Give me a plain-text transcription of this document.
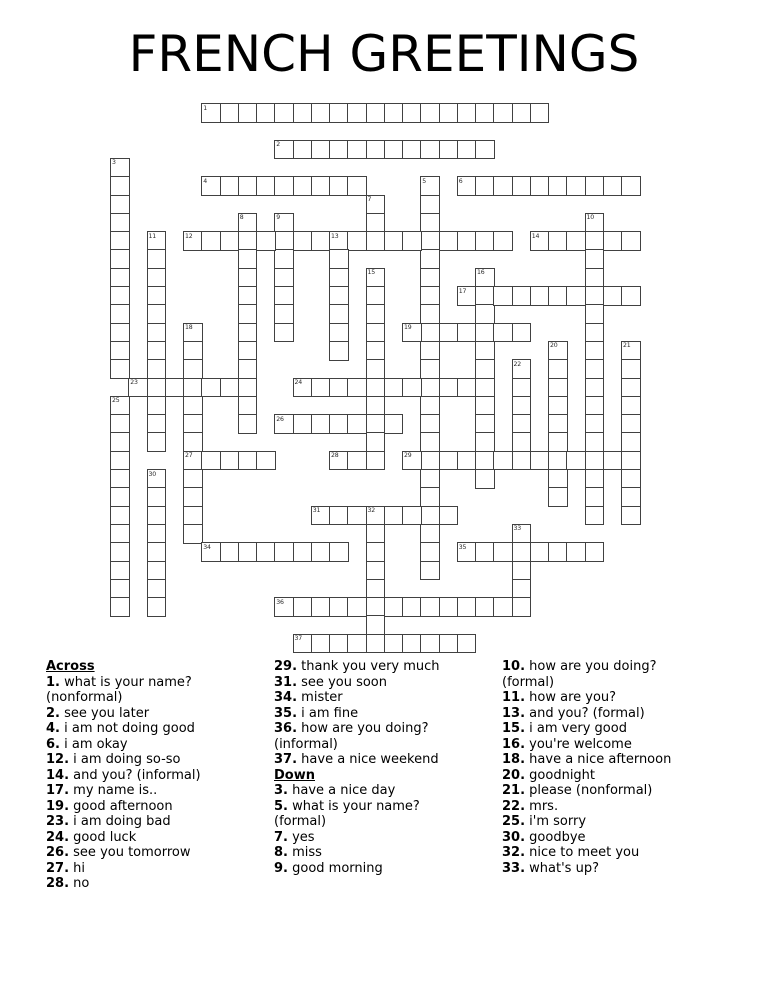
FRENCH GREETINGS
1
2
3
4	5	6
7
8	9	10
11	12	13	14
15	16
17
18
27
19
20	21
22
23	24
25
26
28	29
30
31	32
33
34	35
36
37
Across
1. what is your name? (nonformal)
2. see you later
4. i am not doing good
6. i am okay
12. i am doing so-so
14. and you? (informal)
17. my name is..
19. good afternoon
23. i am doing bad
24. good luck
26. see you tomorrow
27. hi
28. no
29. thank you very much
31. see you soon
34. mister
35. i am fine
36. how are you doing? (informal)
37. have a nice weekend
Down
3. have a nice day
5. what is your name? (formal)
7. yes
8. miss
9. good morning
10. how are you doing? (formal)
11. how are you?
13. and you? (formal)
15. i am very good
16. you're welcome
18. have a nice afternoon
20. goodnight
21. please (nonformal)
22. mrs.
25. i'm sorry
30. goodbye
32. nice to meet you
33. what's up?
